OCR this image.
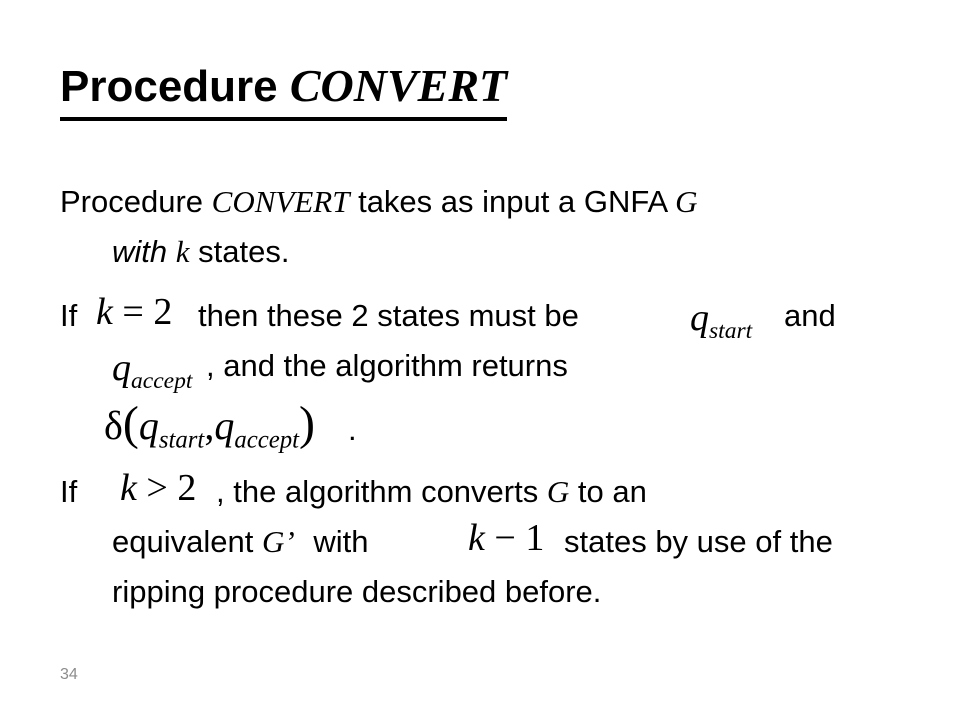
Procedure CONVERT
Procedure CONVERT takes as input a GNFA G
with k states.
If k = 2 then these 2 states must be	$q_{start}$ and
$q_{accept}$ , and the algorithm returns
$\delta(q_{start},q_{accept})$ .
If k > 2 , the algorithm converts G to an
equivalent G’ with	k − 1 states by use of the
ripping procedure described before.
34
